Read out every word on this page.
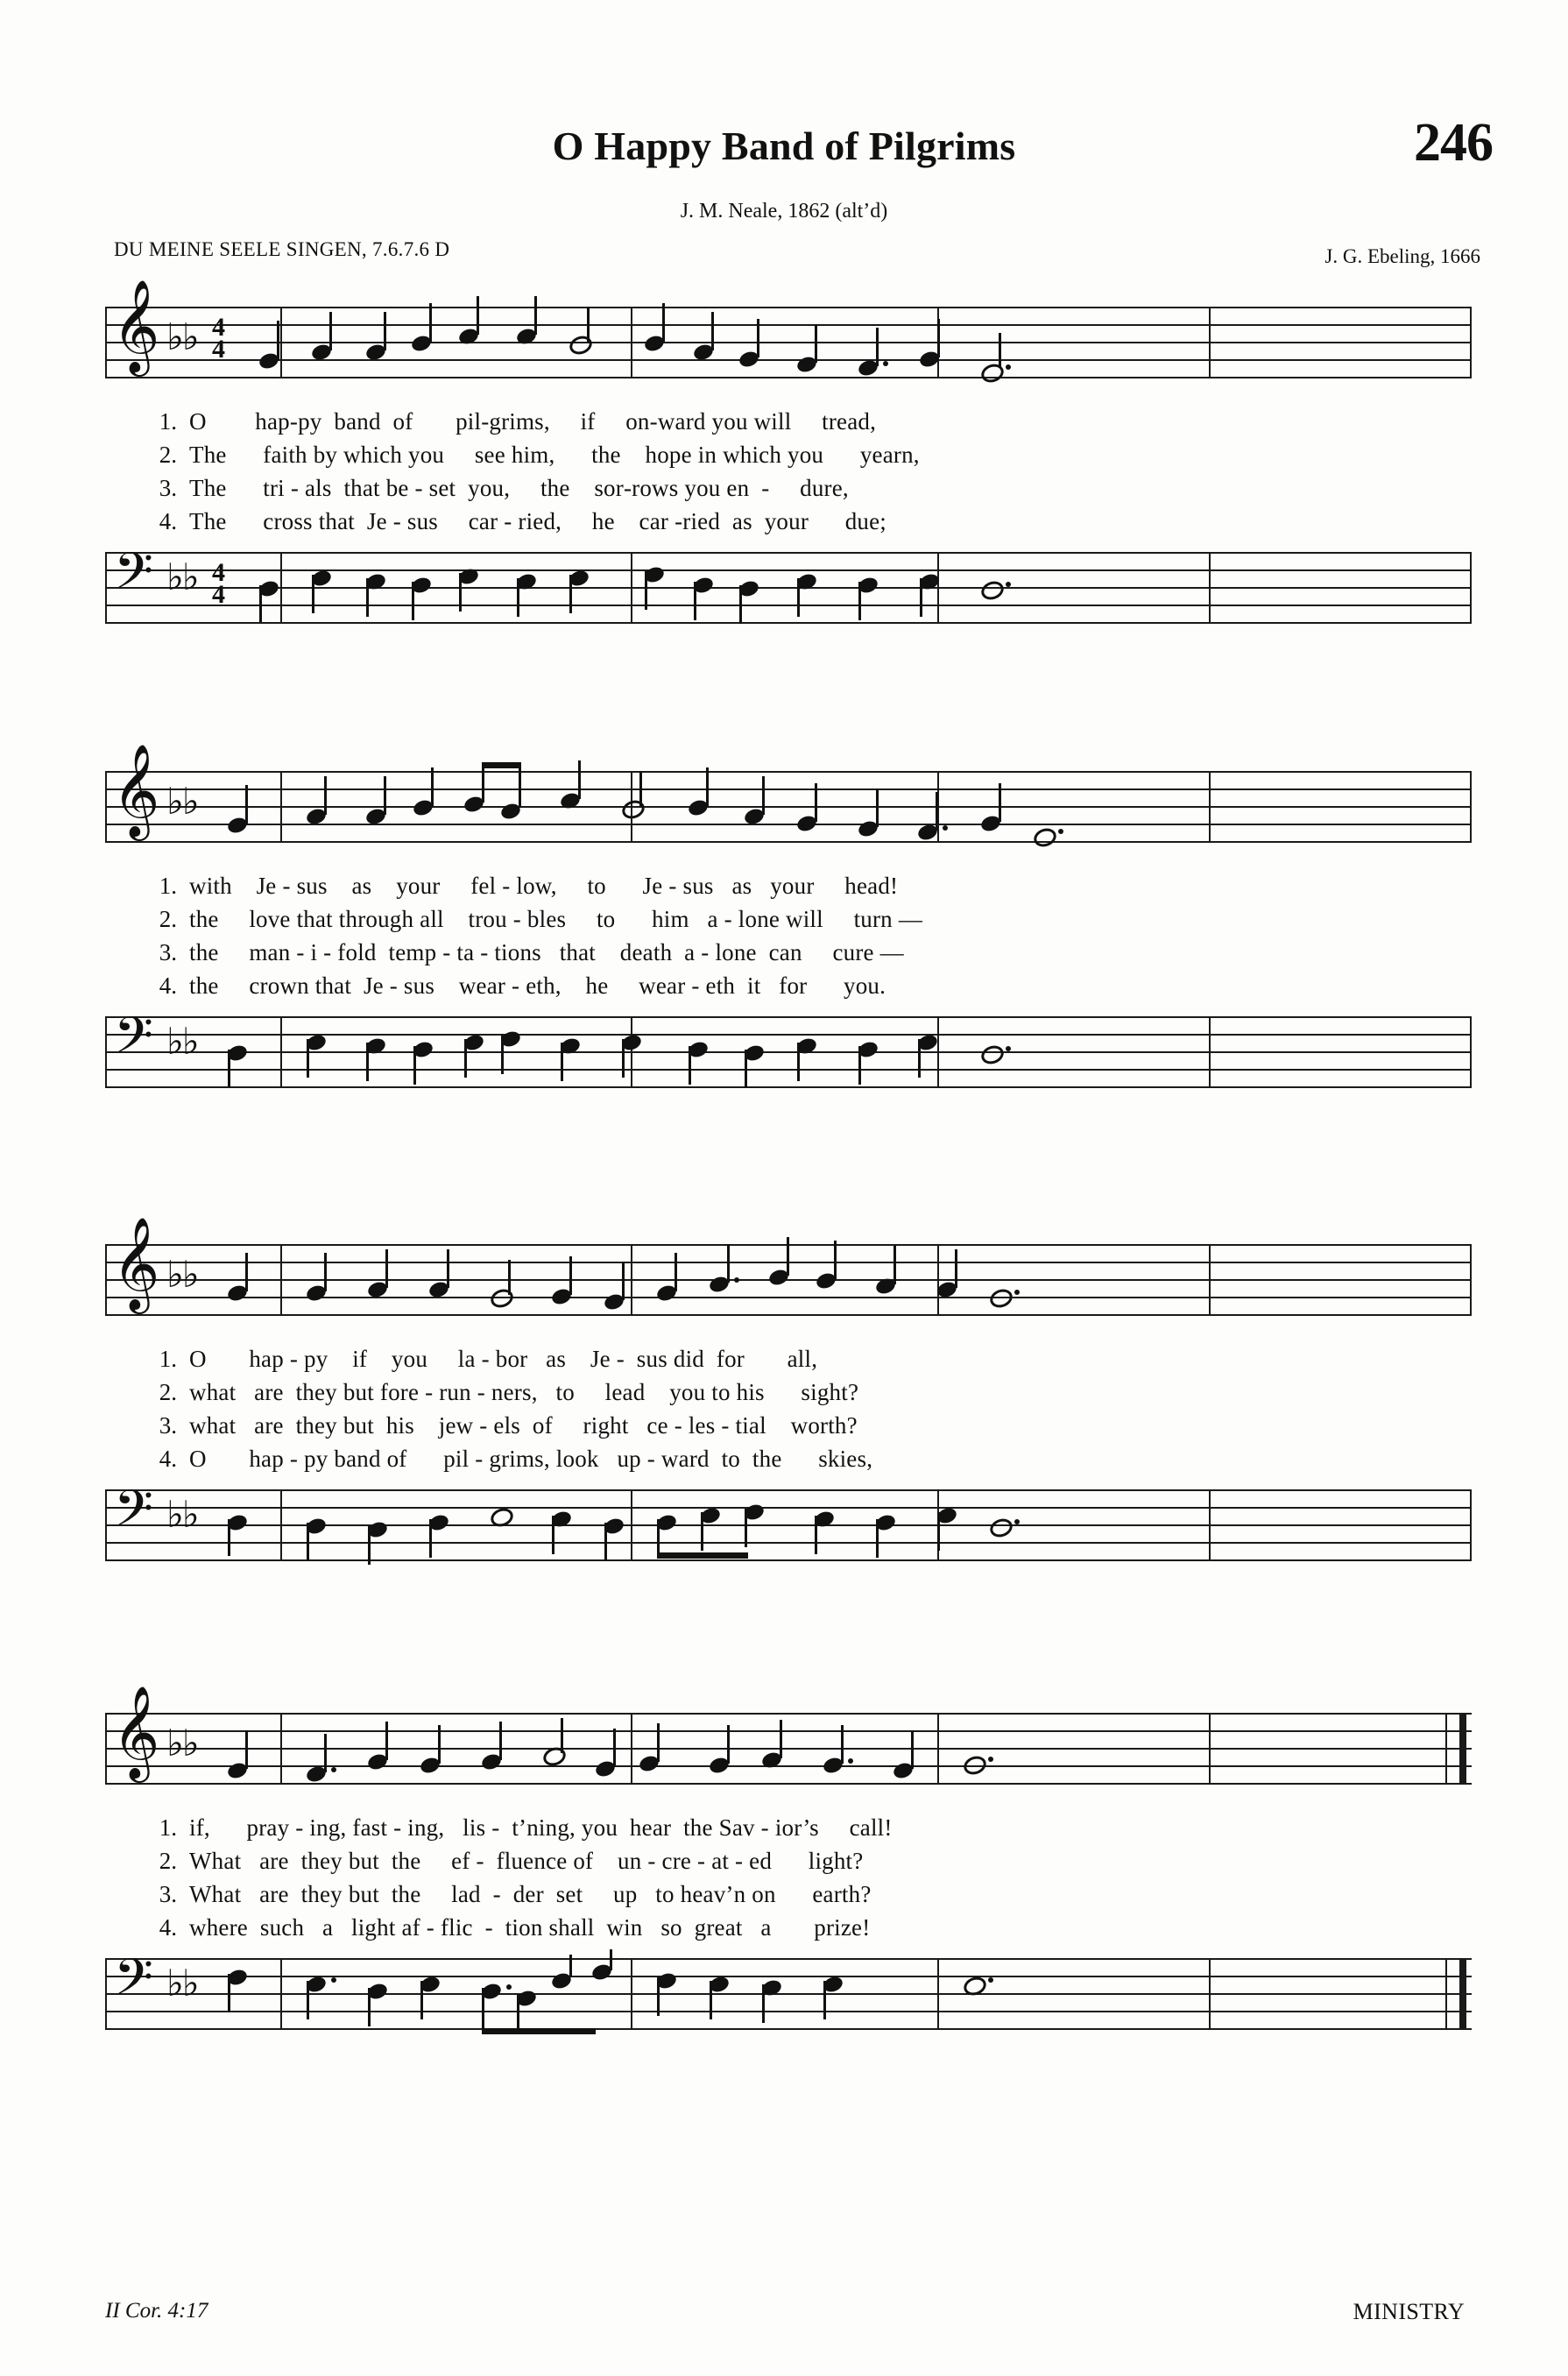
246
O Happy Band of Pilgrims
J. M. Neale, 1862 (alt’d)
DU MEINE SEELE SINGEN, 7.6.7.6 D	J. G. Ebeling, 1666
𝄞 ♭♭ 4
4
1. O        hap‑py  band  of       pil‑grims,     if     on‑ward you will     tread,
2. The      faith by which you     see him,      the    hope in which you      yearn,
3. The      tri ‑ als  that be ‑ set  you,     the    sor‑rows you en  ‑     dure,
4. The      cross that  Je ‑ sus     car ‑ ried,     he    car ‑ried  as  your      due;
𝄢 ♭♭ 4
4
𝄞 ♭♭
1. with    Je ‑ sus    as    your     fel ‑ low,     to      Je ‑ sus   as   your     head!
2. the     love that through all    trou ‑ bles     to      him   a ‑ lone will     turn —
3. the     man ‑ i ‑ fold  temp ‑ ta ‑ tions   that    death  a ‑ lone  can     cure —
4. the     crown that  Je ‑ sus    wear ‑ eth,    he     wear ‑ eth  it   for      you.
𝄢 ♭♭
𝄞 ♭♭
1. O       hap ‑ py    if    you     la ‑ bor   as    Je ‑  sus did  for       all,
2. what   are  they but fore ‑ run ‑ ners,   to     lead    you to his      sight?
3. what   are  they but  his    jew ‑ els  of     right   ce ‑ les ‑ tial    worth?
4. O       hap ‑ py band of      pil ‑ grims, look   up ‑ ward  to  the      skies,
𝄢 ♭♭
𝄞 ♭♭
1. if,      pray ‑ ing, fast ‑ ing,   lis ‑  t’ning, you  hear  the Sav ‑ ior’s     call!
2. What   are  they but  the     ef ‑  fluence of    un ‑ cre ‑ at ‑ ed      light?
3. What   are  they but  the     lad  ‑  der  set     up   to heav’n on      earth?
4. where  such   a   light af ‑ flic  ‑  tion shall  win   so  great   a       prize!
𝄢 ♭♭
II Cor. 4:17	MINISTRY
